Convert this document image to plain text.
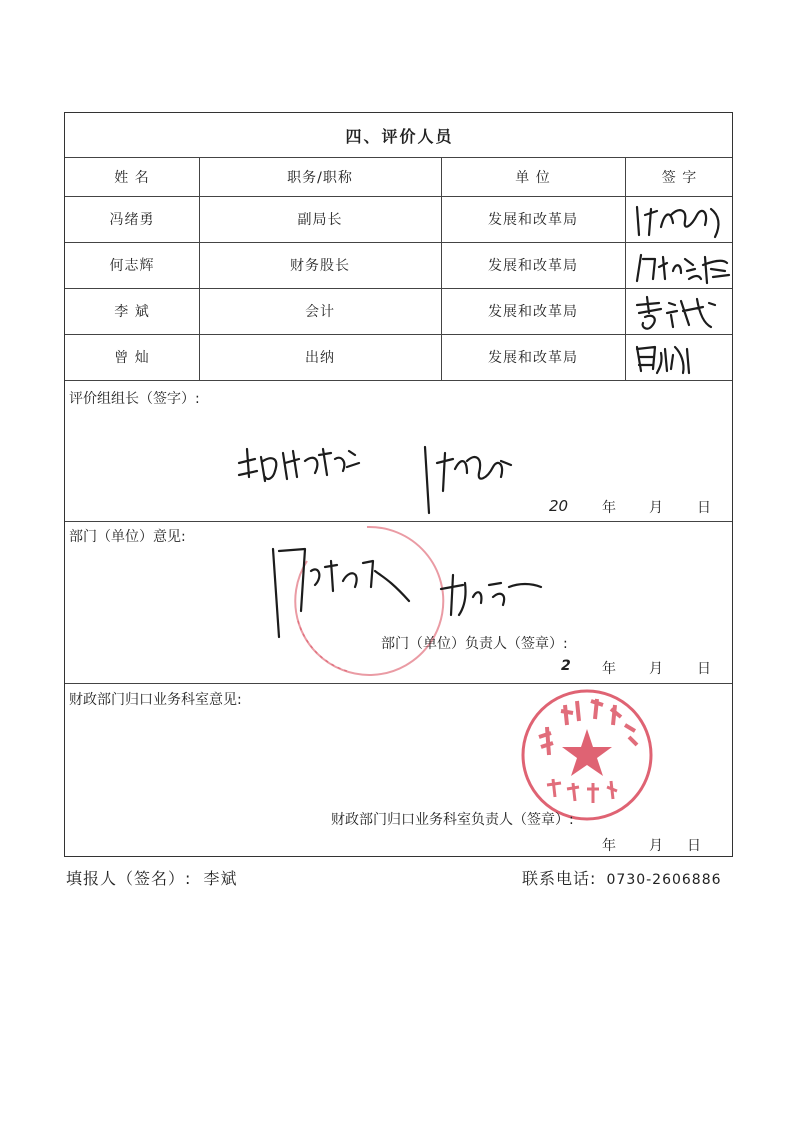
四、评价人员
姓 名	职务/职称	单 位	签 字
冯绪勇	副局长	发展和改革局
何志辉	财务股长	发展和改革局
李 斌	会计	发展和改革局
曾 灿	出纳	发展和改革局
评价组组长（签字）:
20 年 月 日
部门（单位）意见:
部门（单位）负责人（签章）:
2 年 月 日
财政部门归口业务科室意见:
财政部门归口业务科室负责人（签章）:
年 月 日
填报人（签名）: 李斌	联系电话: 0730-2606886
